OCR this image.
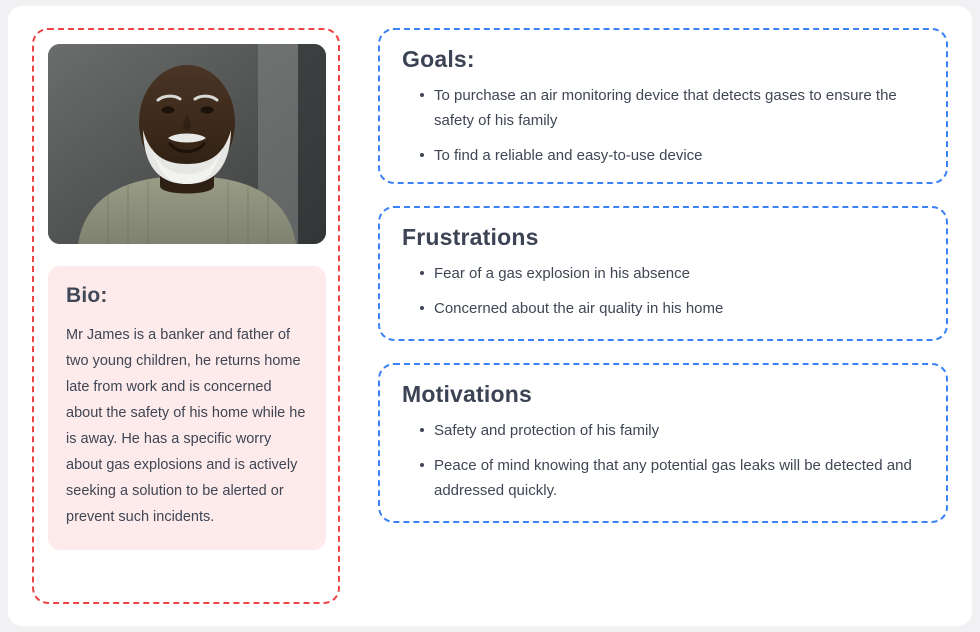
Bio:

Mr James is a banker and father of two young children, he returns home late from work and is concerned about the safety of his home while he is away. He has a specific worry about gas explosions and is actively seeking a solution to be alerted or prevent such incidents.

Goals:
To purchase an air monitoring device that detects gases to ensure the safety of his family
To find a reliable and easy-to-use device
Frustrations
Fear of a gas explosion in his absence
Concerned about the air quality in his home
Motivations
Safety and protection of his family
Peace of mind knowing that any potential gas leaks will be detected and addressed quickly.
